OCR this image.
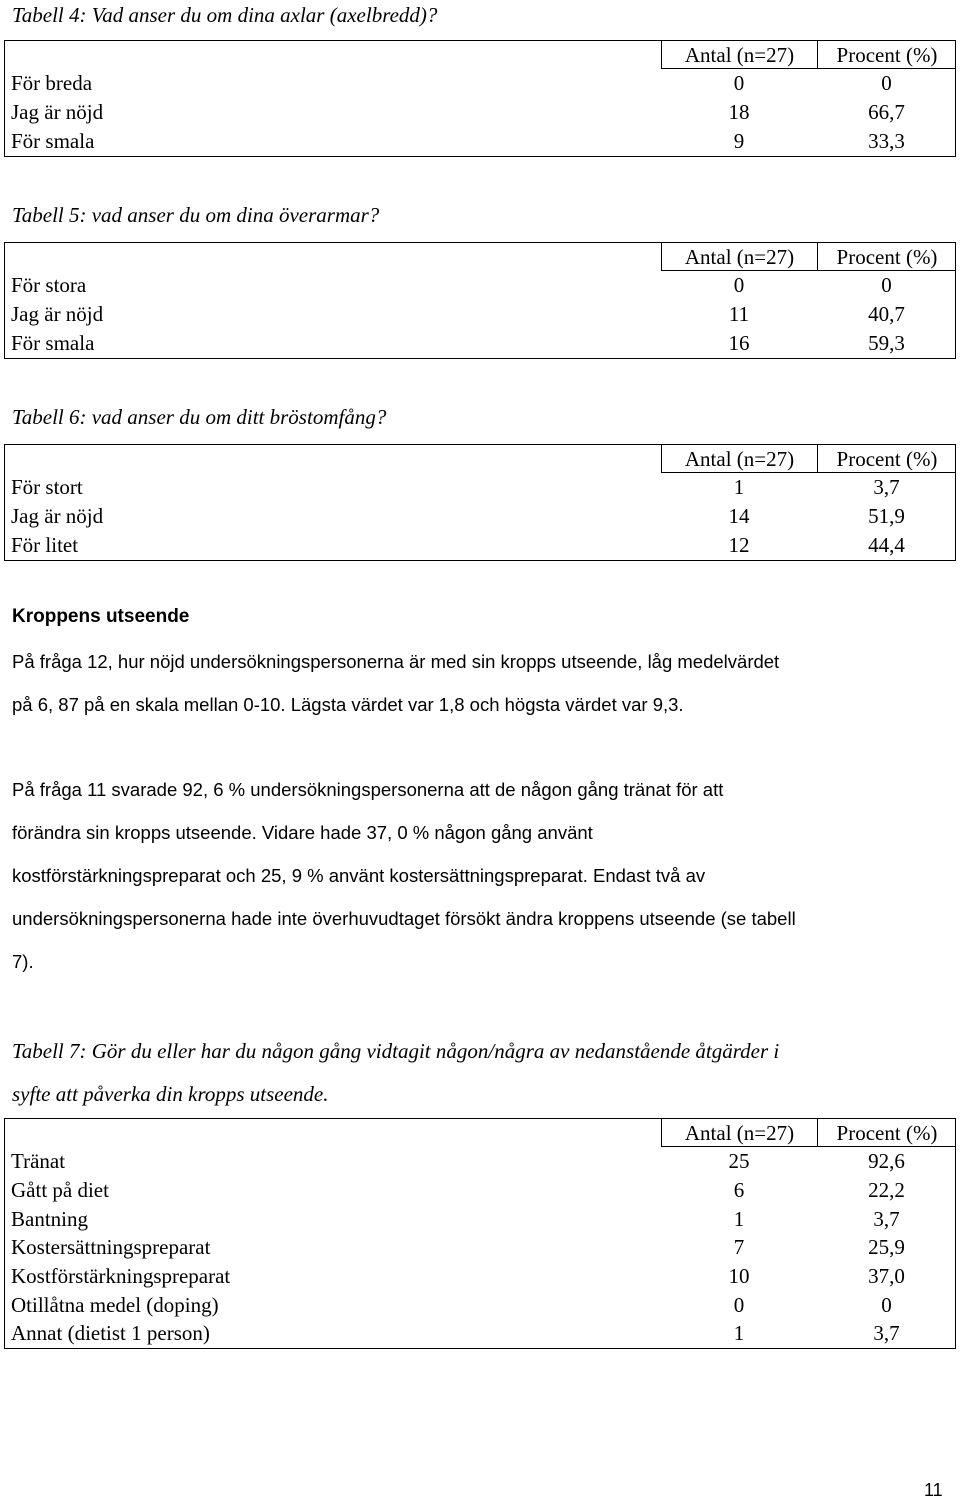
Tabell 4: Vad anser du om dina axlar (axelbredd)?
Antal (n=27)	Procent (%)
För breda	0	0
Jag är nöjd	18	66,7
För smala	9	33,3
Tabell 5: vad anser du om dina överarmar?
Antal (n=27)	Procent (%)
För stora	0	0
Jag är nöjd	11	40,7
För smala	16	59,3
Tabell 6: vad anser du om ditt bröstomfång?
Antal (n=27)	Procent (%)
För stort	1	3,7
Jag är nöjd	14	51,9
För litet	12	44,4
Kroppens utseende
På fråga 12, hur nöjd undersökningspersonerna är med sin kropps utseende, låg medelvärdet
på 6, 87 på en skala mellan 0-10. Lägsta värdet var 1,8 och högsta värdet var 9,3.
På fråga 11 svarade 92, 6 % undersökningspersonerna att de någon gång tränat för att
förändra sin kropps utseende. Vidare hade 37, 0 % någon gång använt
kostförstärkningspreparat och 25, 9 % använt kostersättningspreparat. Endast två av
undersökningspersonerna hade inte överhuvudtaget försökt ändra kroppens utseende (se tabell
7).
Tabell 7: Gör du eller har du någon gång vidtagit någon/några av nedanstående åtgärder i
syfte att påverka din kropps utseende.
Antal (n=27)	Procent (%)
Tränat	25	92,6
Gått på diet	6	22,2
Bantning	1	3,7
Kostersättningspreparat	7	25,9
Kostförstärkningspreparat	10	37,0
Otillåtna medel (doping)	0	0
Annat (dietist 1 person)	1	3,7
11
